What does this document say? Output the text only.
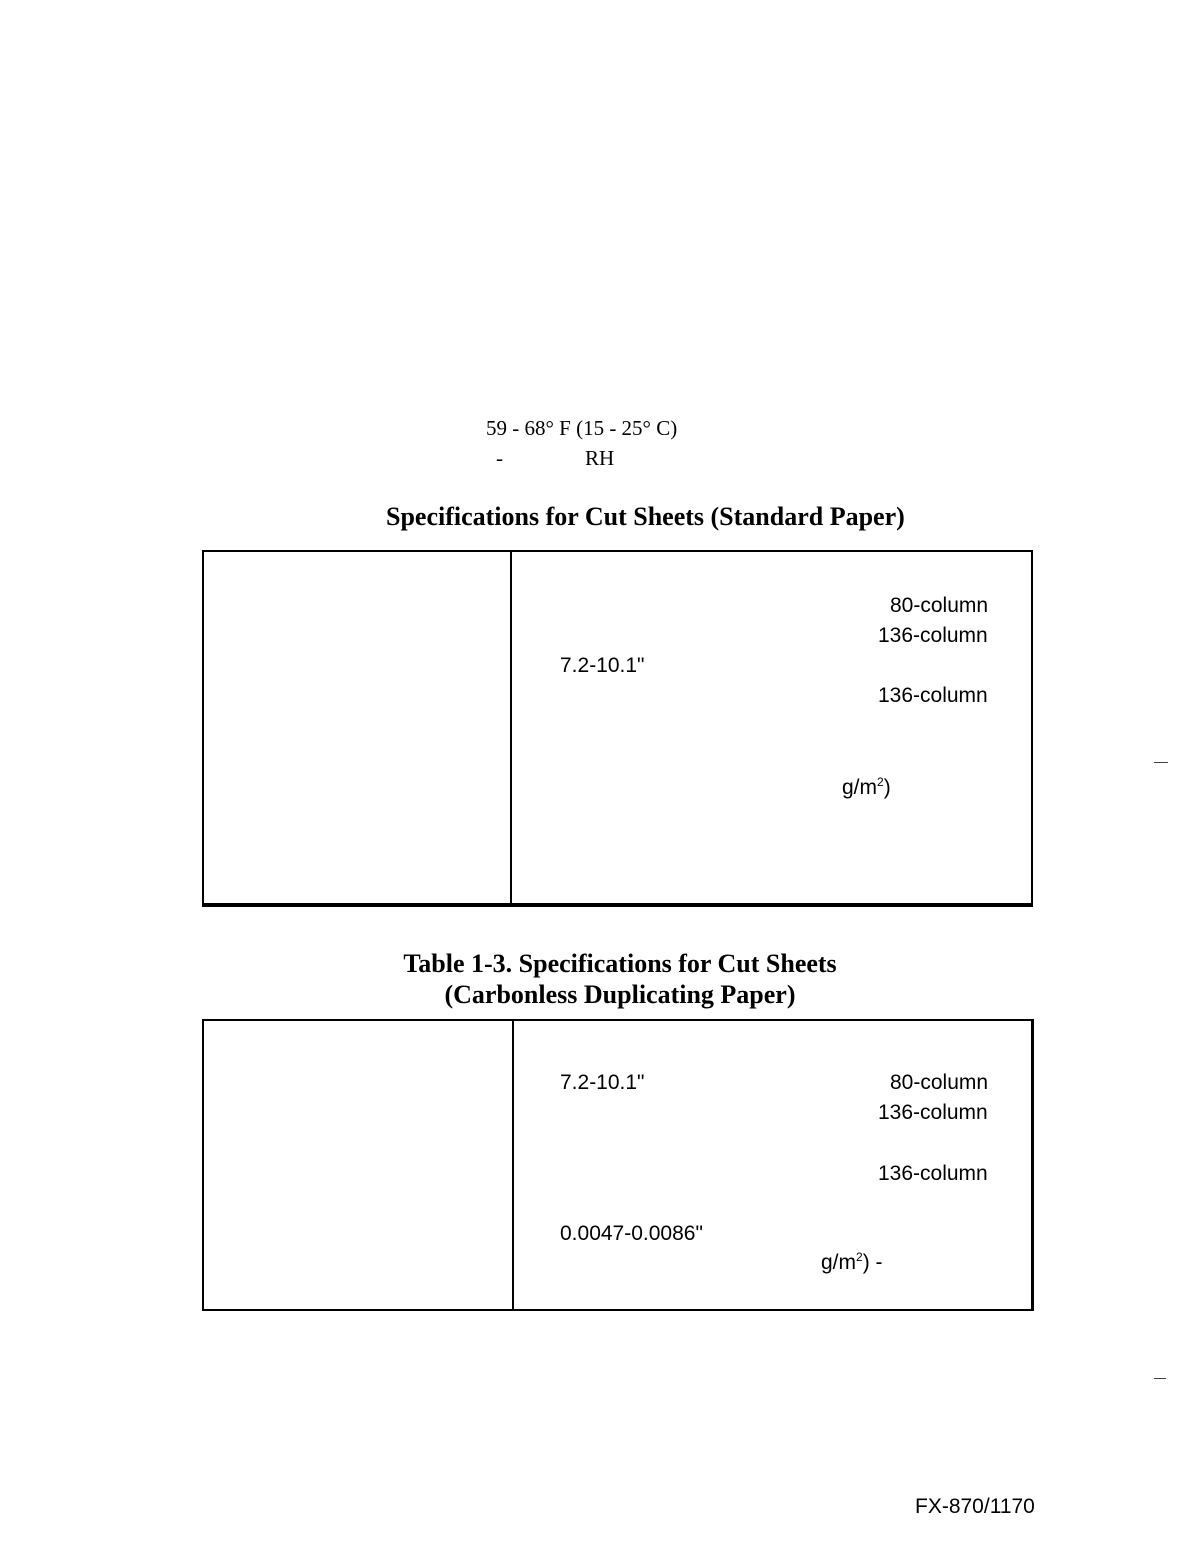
59 - 68° F (15 - 25° C)
-	RH
Specifications for Cut Sheets (Standard Paper)
80-column
136-column
7.2-10.1"
136-column
$g/m^2$)
Table 1-3. Specifications for Cut Sheets
(Carbonless Duplicating Paper)
7.2-10.1"	80-column
136-column
136-column
0.0047-0.0086"
$g/m^2$) -
FX-870/1170
